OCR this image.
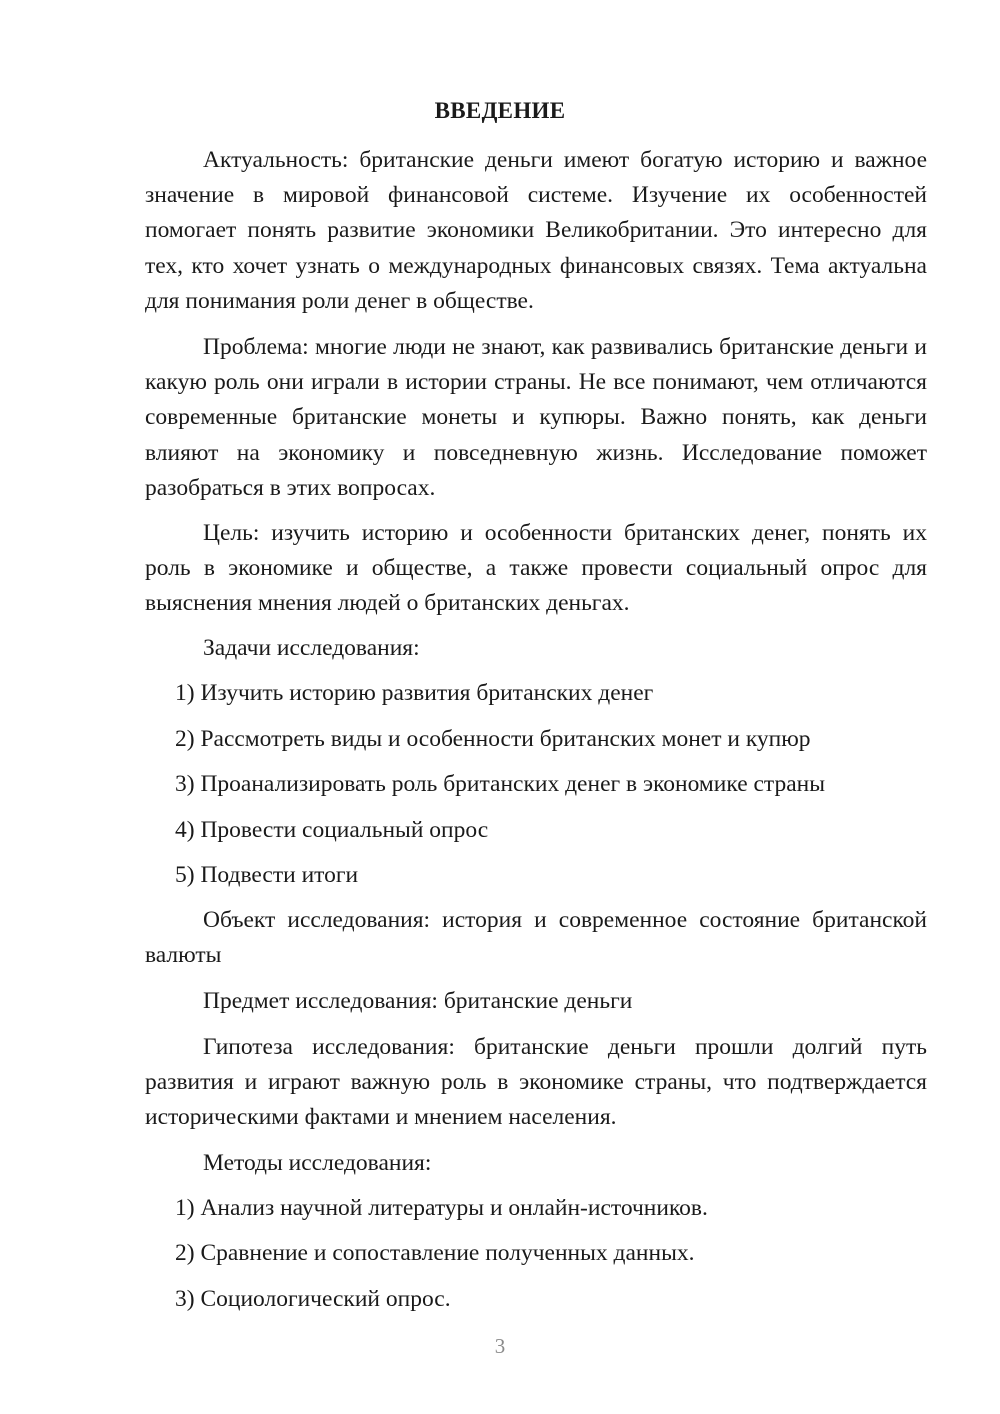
ВВЕДЕНИЕ
Актуальность: британские деньги имеют богатую историю и важное значение в мировой финансовой системе. Изучение их особенностей помогает понять развитие экономики Великобритании. Это интересно для тех, кто хочет узнать о международных финансовых связях. Тема актуальна для понимания роли денег в обществе.
Проблема: многие люди не знают, как развивались британские деньги и какую роль они играли в истории страны. Не все понимают, чем отличаются современные британские монеты и купюры. Важно понять, как деньги влияют на экономику и повседневную жизнь. Исследование поможет разобраться в этих вопросах.
Цель: изучить историю и особенности британских денег, понять их роль в экономике и обществе, а также провести социальный опрос для выяснения мнения людей о британских деньгах.
Задачи исследования:
1) Изучить историю развития британских денег
2) Рассмотреть виды и особенности британских монет и купюр
3) Проанализировать роль британских денег в экономике страны
4) Провести социальный опрос
5) Подвести итоги
Объект исследования: история и современное состояние британской валюты
Предмет исследования: британские деньги
Гипотеза исследования: британские деньги прошли долгий путь развития и играют важную роль в экономике страны, что подтверждается историческими фактами и мнением населения.
Методы исследования:
1) Анализ научной литературы и онлайн-источников.
2) Сравнение и сопоставление полученных данных.
3) Социологический опрос.
3
